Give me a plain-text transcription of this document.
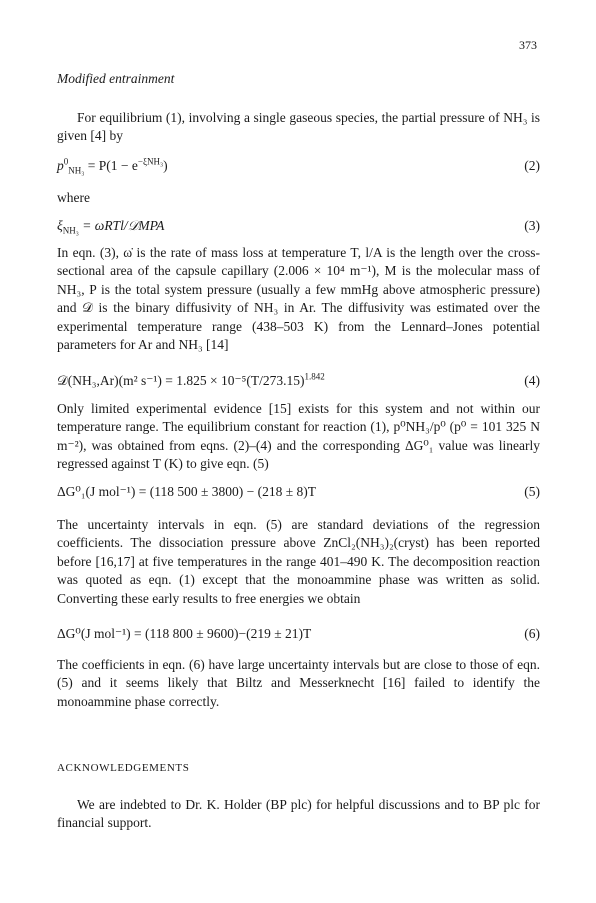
373
Modified entrainment

For equilibrium (1), involving a single gaseous species, the partial pressure of NH₃ is given [4] by

$p^0_{NH_3} = P(1 - e^{-\xi NH_3})$	(2)
where
$\xi_{NH_3}$ = ω̇RTl/𝒟MPA	(3)

In eqn. (3), ω̇ is the rate of mass loss at temperature T, l/A is the length over the cross-sectional area of the capsule capillary (2.006 × 10⁴ m⁻¹), M is the molecular mass of NH₃, P is the total system pressure (usually a few mmHg above atmospheric pressure) and 𝒟 is the binary diffusivity of NH₃ in Ar. The diffusivity was estimated over the experimental temperature range (438–503 K) from the Lennard–Jones potential parameters for Ar and NH₃ [14]

𝒟(NH₃,Ar)(m² $s^{-1}) = 1.825 \times 10^{-5}(T/273.15)^{1.842}$	(4)

Only limited experimental evidence [15] exists for this system and not within our temperature range. The equilibrium constant for reaction (1), p⁰NH₃/p⁰ (p⁰ = 101 325 N m⁻²), was obtained from eqns. (2)–(4) and the corresponding ΔG⁰₁ value was linearly regressed against T (K) to give eqn. (5)

ΔG⁰₁(J mol⁻¹) = (118 500 ± 3800) − (218 ± 8)T	(5)

The uncertainty intervals in eqn. (5) are standard deviations of the regression coefficients. The dissociation pressure above ZnCl₂(NH₃)₂(cryst) has been reported before [16,17] at five temperatures in the range 401–490 K. The decomposition reaction was quoted as eqn. (1) except that the monoammine phase was written as solid. Converting these early results to free energies we obtain

ΔG⁰(J mol⁻¹) = (118 800 ± 9600)−(219 ± 21)T	(6)

The coefficients in eqn. (6) have large uncertainty intervals but are close to those of eqn. (5) and it seems likely that Biltz and Messerknecht [16] failed to identify the monoammine phase correctly.

ACKNOWLEDGEMENTS

We are indebted to Dr. K. Holder (BP plc) for helpful discussions and to BP plc for financial support.
